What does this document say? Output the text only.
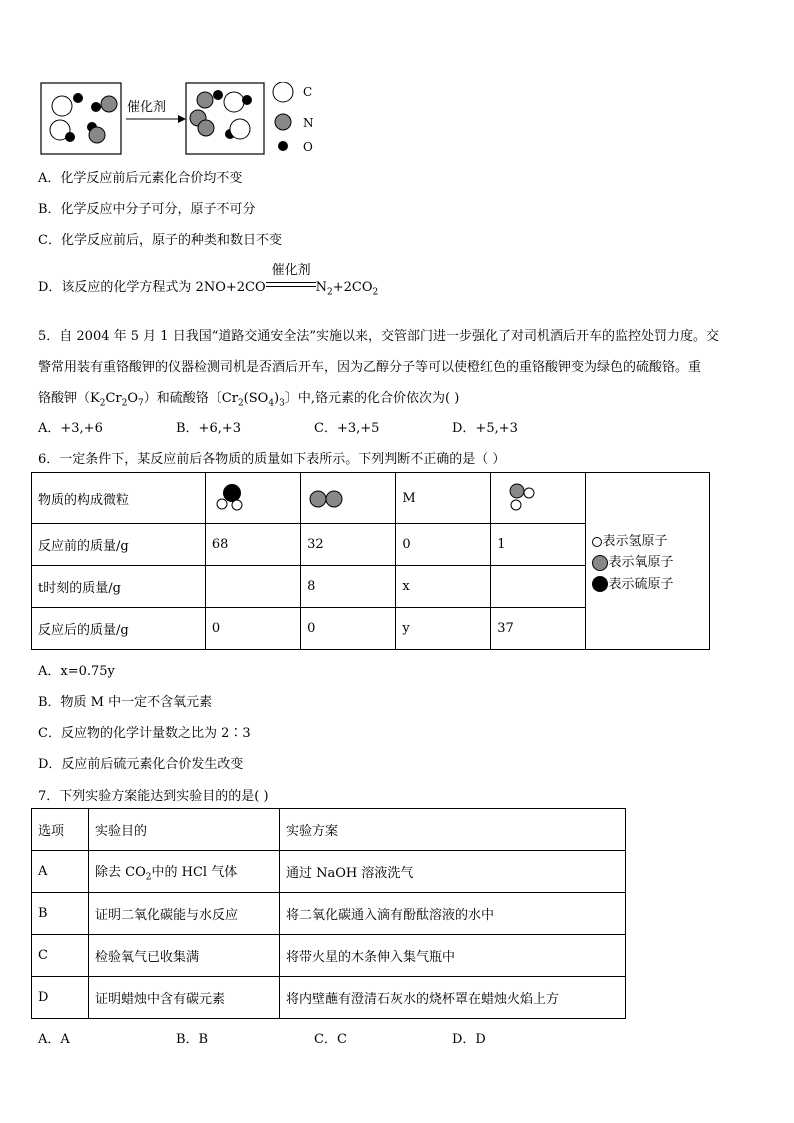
催化剂
C
N
O
A．化学反应前后元素化合价均不变
B．化学反应中分子可分，原子不可分
C．化学反应前后，原子的种类和数日不变
D．该反应的化学方程式为 2NO+2CO
催化剂
$N_2+2CO_2$
5．自 2004 年 5 月 1 日我国“道路交通安全法”实施以来，交管部门进一步强化了对司机酒后开车的监控处罚力度。交
警常用装有重铬酸钾的仪器检测司机是否酒后开车，因为乙醇分子等可以使橙红色的重铬酸钾变为绿色的硫酸铬。重
铬酸钾$(K_2Cr_2O_7)$和硫酸铬〔$Cr_2(SO_4)_3$〕中,铬元素的化合价依次为( )
A．+3,+6	B．+6,+3	C．+3,+5	D．+5,+3
6．一定条件下，某反应前后各物质的质量如下表所示。下列判断不正确的是（ ）
物质的构成微粒			M		表示氢原子
表示氧原子
表示硫原子

反应前的质量/g	68	32	0	1	
t时刻的质量/g		8	x		
反应后的质量/g	0	0	y	37	
A．x=0.75y
B．物质 M 中一定不含氧元素
C．反应物的化学计量数之比为 2∶3
D．反应前后硫元素化合价发生改变
7．下列实验方案能达到实验目的的是( )
选项	实验目的	实验方案
A	除去 $CO_2$中的 HCl 气体	通过 NaOH 溶液洗气
B	证明二氧化碳能与水反应	将二氧化碳通入滴有酚酞溶液的水中
C	检验氧气已收集满	将带火星的木条伸入集气瓶中
D	证明蜡烛中含有碳元素	将内壁蘸有澄清石灰水的烧杯罩在蜡烛火焰上方
A．A	B．B	C．C	D．D
